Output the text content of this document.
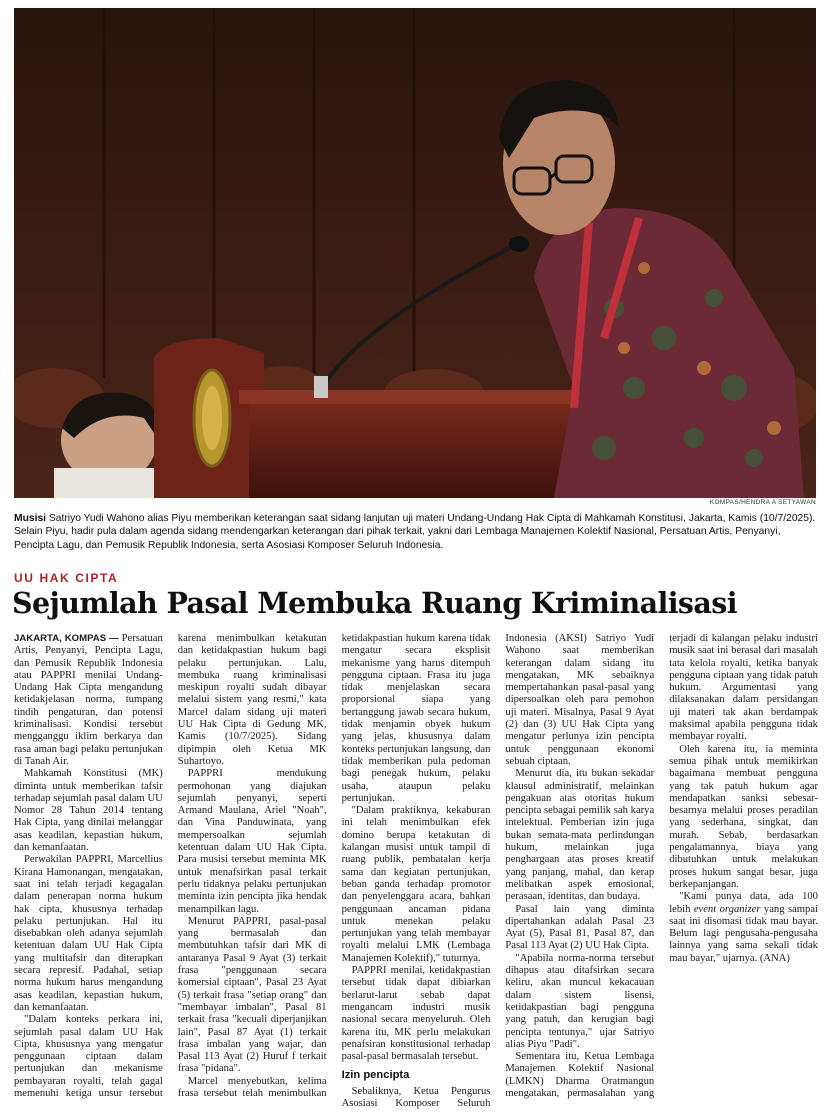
KOMPAS/HENDRA A SETYAWAN
Musisi Satriyo Yudi Wahono alias Piyu memberikan keterangan saat sidang lanjutan uji materi Undang-Undang Hak Cipta di Mahkamah Konstitusi, Jakarta, Kamis (10/7/2025). Selain Piyu, hadir pula dalam agenda sidang mendengarkan keterangan dari pihak terkait, yakni dari Lembaga Manajemen Kolektif Nasional, Persatuan Artis, Penyanyi, Pencipta Lagu, dan Pemusik Republik Indonesia, serta Asosiasi Komposer Seluruh Indonesia.
UU HAK CIPTA
Sejumlah Pasal Membuka Ruang Kriminalisasi

JAKARTA, KOMPAS — Persatuan Artis, Penyanyi, Pencipta Lagu, dan Pemusik Republik Indonesia atau PAPPRI menilai Undang-Undang Hak Cipta mengandung ketidakjelasan norma, tumpang tindih pengaturan, dan potensi kriminalisasi. Kondisi tersebut mengganggu iklim berkarya dan rasa aman bagi pelaku pertunjukan di Tanah Air.

Mahkamah Konstitusi (MK) diminta untuk memberikan tafsir terhadap sejumlah pasal dalam UU Nomor 28 Tahun 2014 tentang Hak Cipta, yang dinilai melanggar asas keadilan, kepastian hukum, dan kemanfaatan.

Perwakilan PAPPRI, Marcellius Kirana Hamonangan, mengatakan, saat ini telah terjadi kegagalan dalam penerapan norma hukum hak cipta, khususnya terhadap pelaku pertunjukan. Hal itu disebabkan oleh adanya sejumlah ketentuan dalam UU Hak Cipta yang multitafsir dan diterapkan secara represif. Padahal, setiap norma hukum harus mengandung asas keadilan, kepastian hukum, dan kemanfaatan.

"Dalam konteks perkara ini, sejumlah pasal dalam UU Hak Cipta, khususnya yang mengatur penggunaan ciptaan dalam pertunjukan dan mekanisme pembayaran royalti, telah gagal memenuhi ketiga unsur tersebut karena menimbulkan ketakutan dan ketidakpastian hukum bagi pelaku pertunjukan. Lalu, membuka ruang kriminalisasi meskipun royalti sudah dibayar melalui sistem yang resmi," kata Marcel dalam sidang uji materi UU Hak Cipta di Gedung MK, Kamis (10/7/2025). Sidang dipimpin oleh Ketua MK Suhartoyo.

PAPPRI mendukung permohonan yang diajukan sejumlah penyanyi, seperti Armand Maulana, Ariel "Noah", dan Vina Panduwinata, yang mempersoalkan sejumlah ketentuan dalam UU Hak Cipta. Para musisi tersebut meminta MK untuk menafsirkan pasal terkait perlu tidaknya pelaku pertunjukan meminta izin pencipta jika hendak menampilkan lagu.

Menurut PAPPRI, pasal-pasal yang bermasalah dan membutuhkan tafsir dari MK di antaranya Pasal 9 Ayat (3) terkait frasa "penggunaan secara komersial ciptaan", Pasal 23 Ayat (5) terkait frasa "setiap orang" dan "membayar imbalan", Pasal 81 terkait frasa "kecuali diperjanjikan lain", Pasal 87 Ayat (1) terkait frasa imbalan yang wajar, dan Pasal 113 Ayat (2) Huruf f terkait frasa "pidana".

Marcel menyebutkan, kelima frasa tersebut telah menimbulkan ketidakpastian hukum karena tidak mengatur secara eksplisit mekanisme yang harus ditempuh pengguna ciptaan. Frasa itu juga tidak menjelaskan secara proporsional siapa yang bertanggung jawab secara hukum, tidak menjamin obyek hukum yang jelas, khususnya dalam konteks pertunjukan langsung, dan tidak memberikan pula pedoman bagi penegak hukum, pelaku usaha, ataupun pelaku pertunjukan.

"Dalam praktiknya, kekaburan ini telah menimbulkan efek domino berupa ketakutan di kalangan musisi untuk tampil di ruang publik, pembatalan kerja sama dan kegiatan pertunjukan, beban ganda terhadap promotor dan penyelenggara acara, bahkan penggunaan ancaman pidana untuk menekan pelaku pertunjukan yang telah membayar royalti melalui LMK (Lembaga Manajemen Kolektif)," tuturnya.

PAPPRI menilai, ketidakpastian tersebut tidak dapat dibiarkan berlarut-larut sebab dapat mengancam industri musik nasional secara menyeluruh. Oleh karena itu, MK perlu melakukan penafsiran konstitusional terhadap pasal-pasal bermasalah tersebut.

Izin pencipta

Sebaliknya, Ketua Pengurus Asosiasi Komposer Seluruh Indonesia (AKSI) Satriyo Yudi Wahono saat memberikan keterangan dalam sidang itu mengatakan, MK sebaiknya mempertahankan pasal-pasal yang dipersoalkan oleh para pemohon uji materi. Misalnya, Pasal 9 Ayat (2) dan (3) UU Hak Cipta yang mengatur perlunya izin pencipta untuk penggunaan ekonomi sebuah ciptaan.

Menurut dia, itu bukan sekadar klausul administratif, melainkan pengakuan atas otoritas hukum pencipta sebagai pemilik sah karya intelektual. Pemberian izin juga bukan semata-mata perlindungan hukum, melainkan juga penghargaan atas proses kreatif yang panjang, mahal, dan kerap melibatkan aspek emosional, perasaan, identitas, dan budaya.

Pasal lain yang diminta dipertahankan adalah Pasal 23 Ayat (5), Pasal 81, Pasal 87, dan Pasal 113 Ayat (2) UU Hak Cipta.

"Apabila norma-norma tersebut dihapus atau ditafsirkan secara keliru, akan muncul kekacauan dalam sistem lisensi, ketidakpastian bagi pengguna yang patuh, dan kerugian bagi pencipta tentunya," ujar Satriyo alias Piyu "Padi".

Sementara itu, Ketua Lembaga Manajemen Kolektif Nasional (LMKN) Dharma Oratmangun mengatakan, permasalahan yang terjadi di kalangan pelaku industri musik saat ini berasal dari masalah tata kelola royalti, ketika banyak pengguna ciptaan yang tidak patuh hukum. Argumentasi yang dilaksanakan dalam persidangan uji materi tak akan berdampak maksimal apabila pengguna tidak membayar royalti.

Oleh karena itu, ia meminta semua pihak untuk memikirkan bagaimana membuat pengguna yang tak patuh hukum agar mendapatkan sanksi sebesar-besarnya melalui proses peradilan yang sederhana, singkat, dan murah. Sebab, berdasarkan pengalamannya, biaya yang dibutuhkan untuk melakukan proses hukum sangat besar, juga berkepanjangan.

"Kami punya data, ada 100 lebih event organizer yang sampai saat ini disomasi tidak mau bayar. Belum lagi pengusaha-pengusaha lainnya yang sama sekali tidak mau bayar," ujarnya. (ANA)
